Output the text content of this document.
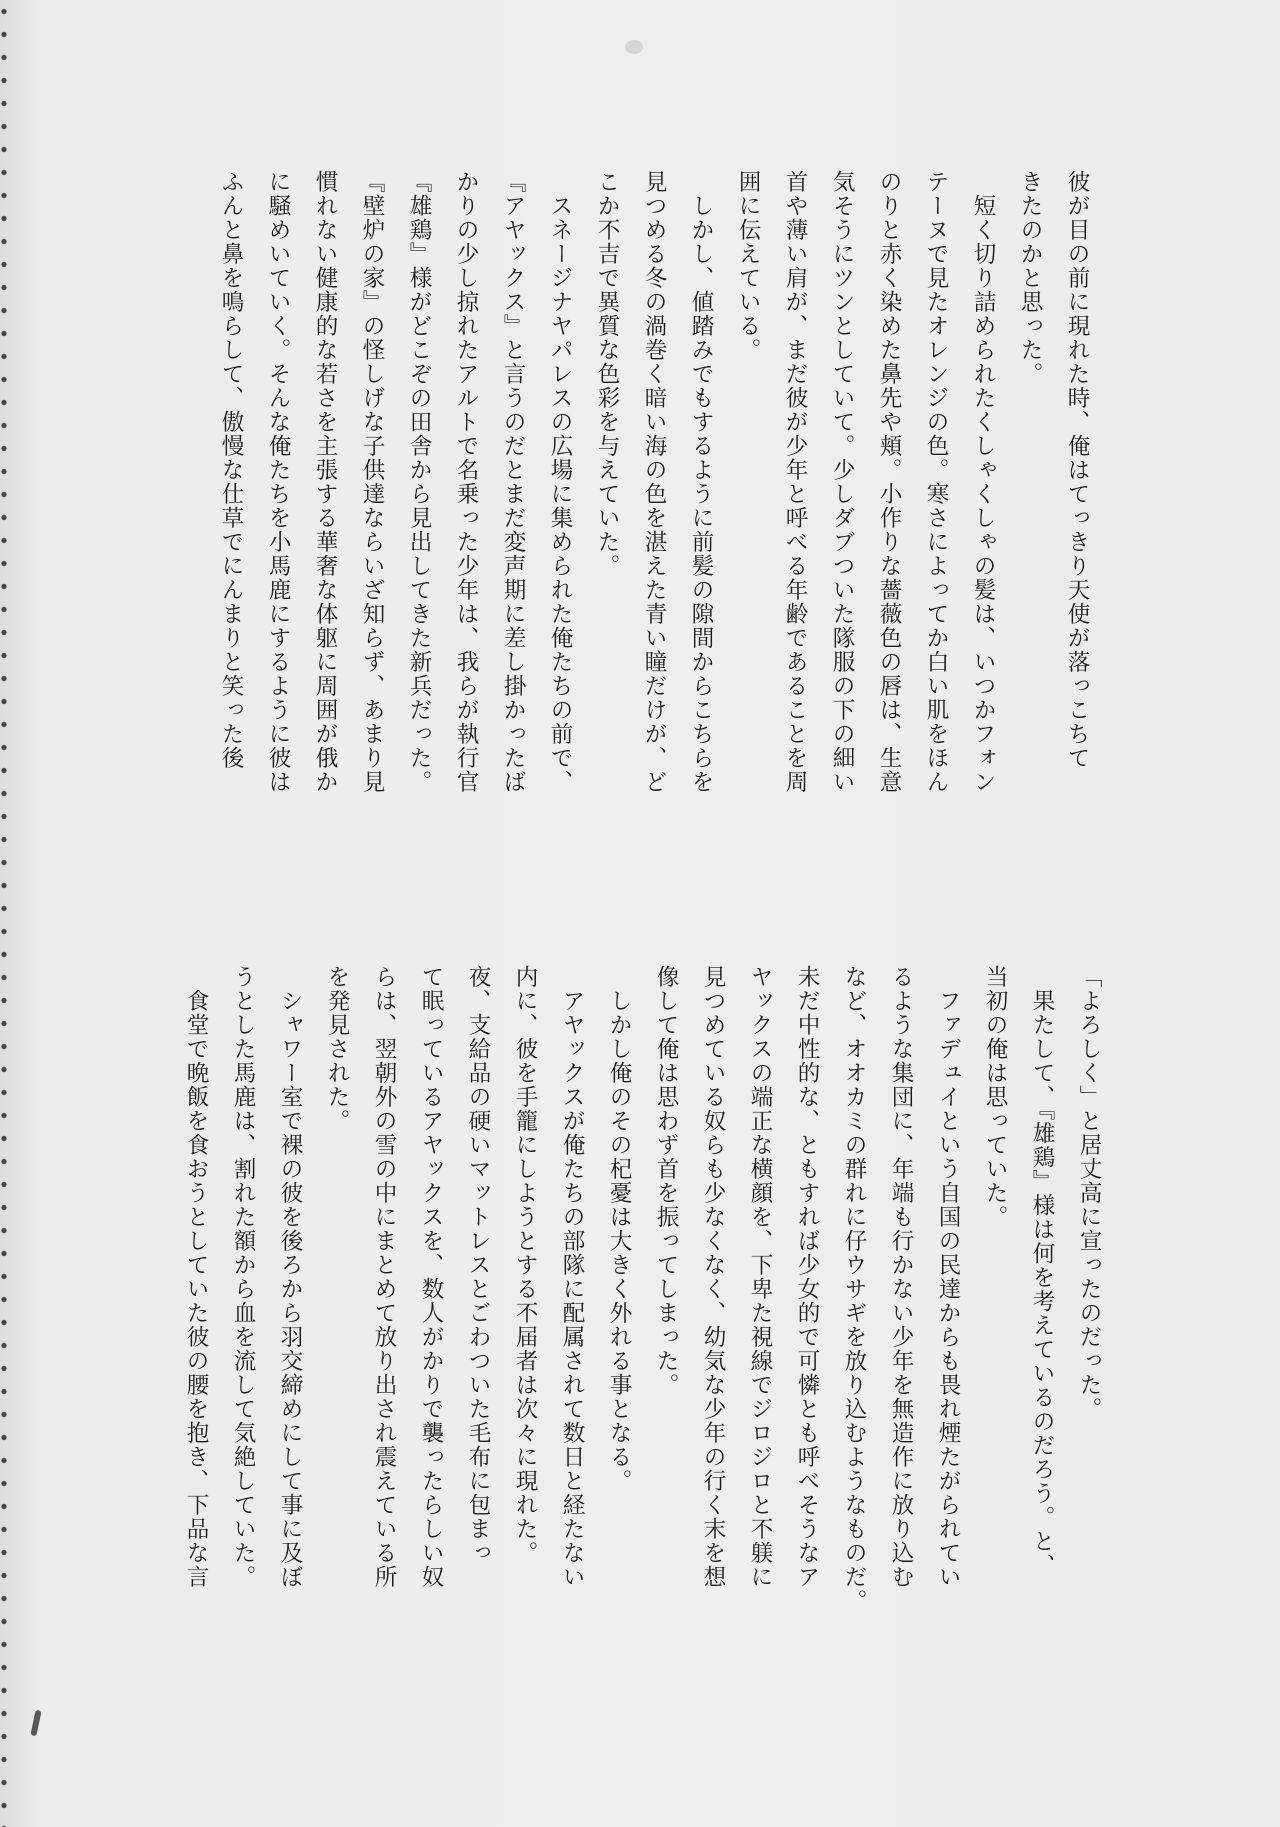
彼が目の前に現れた時、俺はてっきり天使が落っこちて

きたのかと思った。

　短く切り詰められたくしゃくしゃの髪は、いつかフォン

テーヌで見たオレンジの色。寒さによってか白い肌をほん

のりと赤く染めた鼻先や頬。小作りな薔薇色の唇は、生意

気そうにツンとしていて。少しダブついた隊服の下の細い

首や薄い肩が、まだ彼が少年と呼べる年齢であることを周

囲に伝えている。

　しかし、値踏みでもするように前髪の隙間からこちらを

見つめる冬の渦巻く暗い海の色を湛えた青い瞳だけが、ど

こか不吉で異質な色彩を与えていた。

　スネージナヤパレスの広場に集められた俺たちの前で、

『アヤックス』と言うのだとまだ変声期に差し掛かったば

かりの少し掠れたアルトで名乗った少年は、我らが執行官

『雄鶏』様がどこぞの田舎から見出してきた新兵だった。

『壁炉の家』の怪しげな子供達ならいざ知らず、あまり見

慣れない健康的な若さを主張する華奢な体躯に周囲が俄か

に騒めいていく。そんな俺たちを小馬鹿にするように彼は

ふんと鼻を鳴らして、傲慢な仕草でにんまりと笑った後

「よろしく」と居丈高に宣ったのだった。

　果たして、『雄鶏』様は何を考えているのだろう。と、

当初の俺は思っていた。

　ファデュイという自国の民達からも畏れ煙たがられてい

るような集団に、年端も行かない少年を無造作に放り込む

など、オオカミの群れに仔ウサギを放り込むようなものだ。

未だ中性的な、ともすれば少女的で可憐とも呼べそうなア

ヤックスの端正な横顔を、下卑た視線でジロジロと不躾に

見つめている奴らも少なくなく、幼気な少年の行く末を想

像して俺は思わず首を振ってしまった。

　しかし俺のその杞憂は大きく外れる事となる。

　アヤックスが俺たちの部隊に配属されて数日と経たない

内に、彼を手籠にしようとする不届者は次々に現れた。

夜、支給品の硬いマットレスとごわついた毛布に包まっ

て眠っているアヤックスを、数人がかりで襲ったらしい奴

らは、翌朝外の雪の中にまとめて放り出され震えている所

を発見された。

　シャワー室で裸の彼を後ろから羽交締めにして事に及ぼ

うとした馬鹿は、割れた額から血を流して気絶していた。

　食堂で晩飯を食おうとしていた彼の腰を抱き、下品な言
